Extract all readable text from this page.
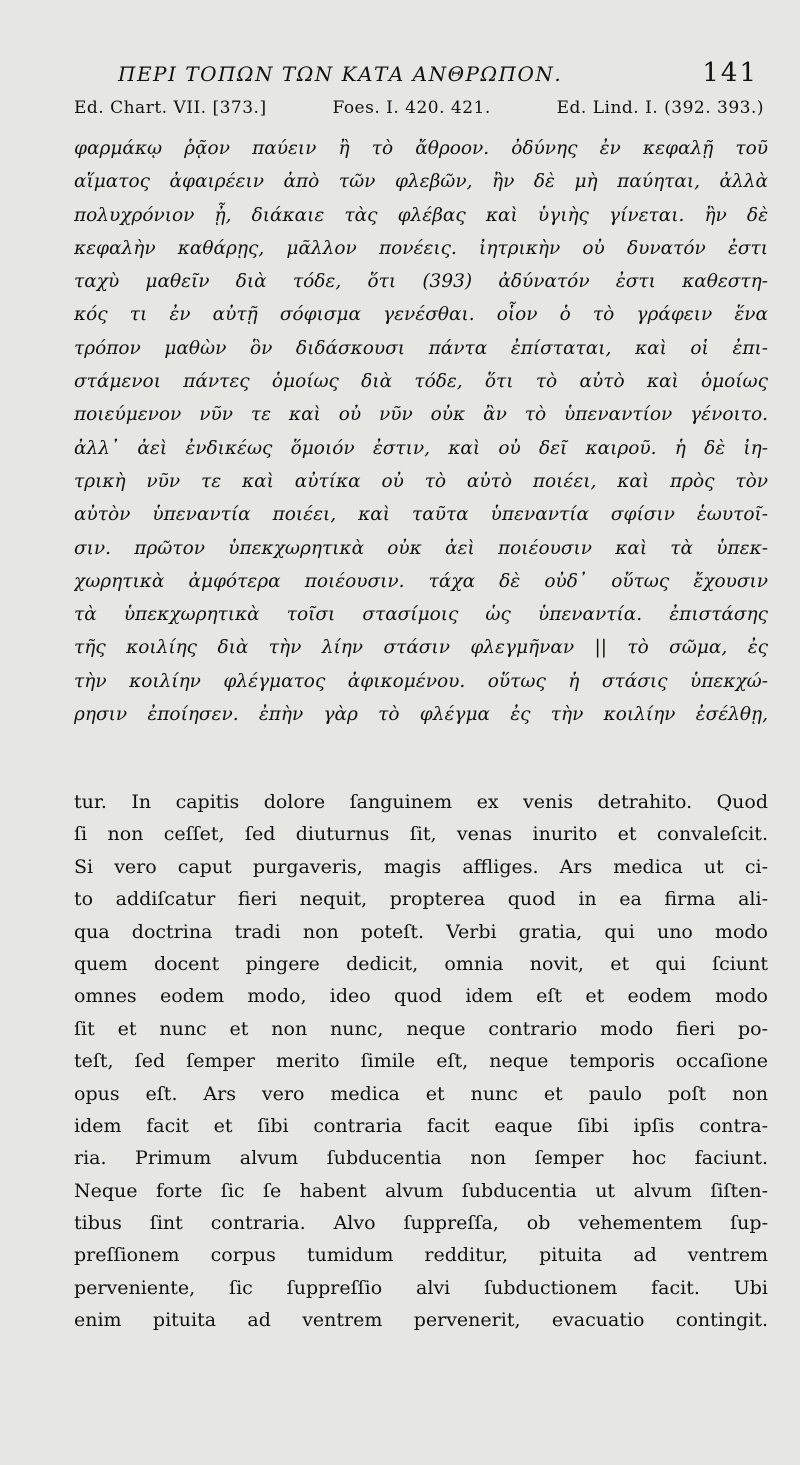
ΠΕΡΙ ΤΟΠΩΝ ΤΩΝ ΚΑΤΑ ΑΝΘΡΩΠΟΝ.	141
Ed. Chart. VII. [373.]	Foes. I. 420. 421.	Ed. Lind. I. (392. 393.)
φαρμάκῳ ῥᾷον παύειν ἢ τὸ ἄθροον. ὀδύνης ἐν κεφαλῇ τοῦ
αἵματος ἀφαιρέειν ἀπὸ τῶν φλεβῶν, ἢν δὲ μὴ παύηται, ἀλλὰ
πολυχρόνιον ᾖ, διάκαιε τὰς φλέβας καὶ ὑγιὴς γίνεται. ἢν δὲ
κεφαλὴν καθάρῃς, μᾶλλον πονέεις. ἰητρικὴν οὐ δυνατόν ἐστι
ταχὺ μαθεῖν διὰ τόδε, ὅτι (393) ἀδύνατόν ἐστι καθεστη-
κός τι ἐν αὐτῇ σόφισμα γενέσθαι. οἷον ὁ τὸ γράφειν ἕνα
τρόπον μαθὼν ὃν διδάσκουσι πάντα ἐπίσταται, καὶ οἱ ἐπι-
στάμενοι πάντες ὁμοίως διὰ τόδε, ὅτι τὸ αὐτὸ καὶ ὁμοίως
ποιεύμενον νῦν τε καὶ οὐ νῦν οὐκ ἂν τὸ ὑπεναντίον γένοιτο.
ἀλλ᾽ ἀεὶ ἐνδικέως ὅμοιόν ἐστιν, καὶ οὐ δεῖ καιροῦ. ἡ δὲ ἰη-
τρικὴ νῦν τε καὶ αὐτίκα οὐ τὸ αὐτὸ ποιέει, καὶ πρὸς τὸν
αὐτὸν ὑπεναντία ποιέει, καὶ ταῦτα ὑπεναντία σφίσιν ἑωυτοῖ-
σιν. πρῶτον ὑπεκχωρητικὰ οὐκ ἀεὶ ποιέουσιν καὶ τὰ ὑπεκ-
χωρητικὰ ἀμφότερα ποιέουσιν. τάχα δὲ οὐδ᾽ οὕτως ἔχουσιν
τὰ ὑπεκχωρητικὰ τοῖσι στασίμοις ὡς ὑπεναντία. ἐπιστάσης
τῆς κοιλίης διὰ τὴν λίην στάσιν φλεγμῆναν || τὸ σῶμα, ἐς
τὴν κοιλίην φλέγματος ἀφικομένου. οὕτως ἡ στάσις ὑπεκχώ-
ρησιν ἐποίησεν. ἐπὴν γὰρ τὸ φλέγμα ἐς τὴν κοιλίην ἐσέλθῃ,
tur. In capitis dolore ſanguinem ex venis detrahito. Quod
ſi non ceſſet, ſed diuturnus ſit, venas inurito et convaleſcit.
Si vero caput purgaveris, magis affliges. Ars medica ut ci-
to addiſcatur fieri nequit, propterea quod in ea firma ali-
qua doctrina tradi non poteſt. Verbi gratia, qui uno modo
quem docent pingere dedicit, omnia novit, et qui ſciunt
omnes eodem modo, ideo quod idem eſt et eodem modo
ſit et nunc et non nunc, neque contrario modo fieri po-
teſt, ſed ſemper merito ſimile eſt, neque temporis occaſione
opus eſt. Ars vero medica et nunc et paulo poſt non
idem facit et ſibi contraria facit eaque ſibi ipſis contra-
ria. Primum alvum ſubducentia non ſemper hoc faciunt.
Neque forte ſic ſe habent alvum ſubducentia ut alvum ſiſten-
tibus ſint contraria. Alvo ſuppreſſa, ob vehementem ſup-
preſſionem corpus tumidum redditur, pituita ad ventrem
perveniente, ſic ſuppreſſio alvi ſubductionem facit. Ubi
enim pituita ad ventrem pervenerit, evacuatio contingit.
